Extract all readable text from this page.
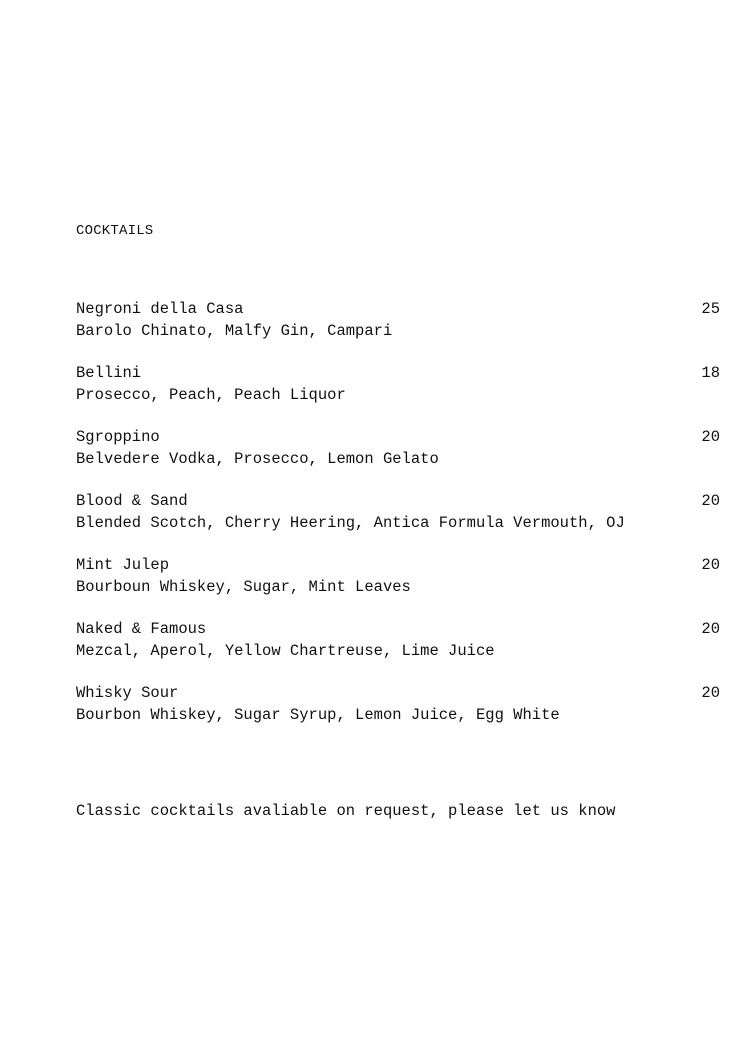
COCKTAILS
Negroni della Casa	25
Barolo Chinato, Malfy Gin, Campari
Bellini	18
Prosecco, Peach, Peach Liquor
Sgroppino	20
Belvedere Vodka, Prosecco, Lemon Gelato
Blood & Sand	20
Blended Scotch, Cherry Heering, Antica Formula Vermouth, OJ
Mint Julep	20
Bourboun Whiskey, Sugar, Mint Leaves
Naked & Famous	20
Mezcal, Aperol, Yellow Chartreuse, Lime Juice
Whisky Sour	20
Bourbon Whiskey, Sugar Syrup, Lemon Juice, Egg White

Classic cocktails avaliable on request, please let us know
